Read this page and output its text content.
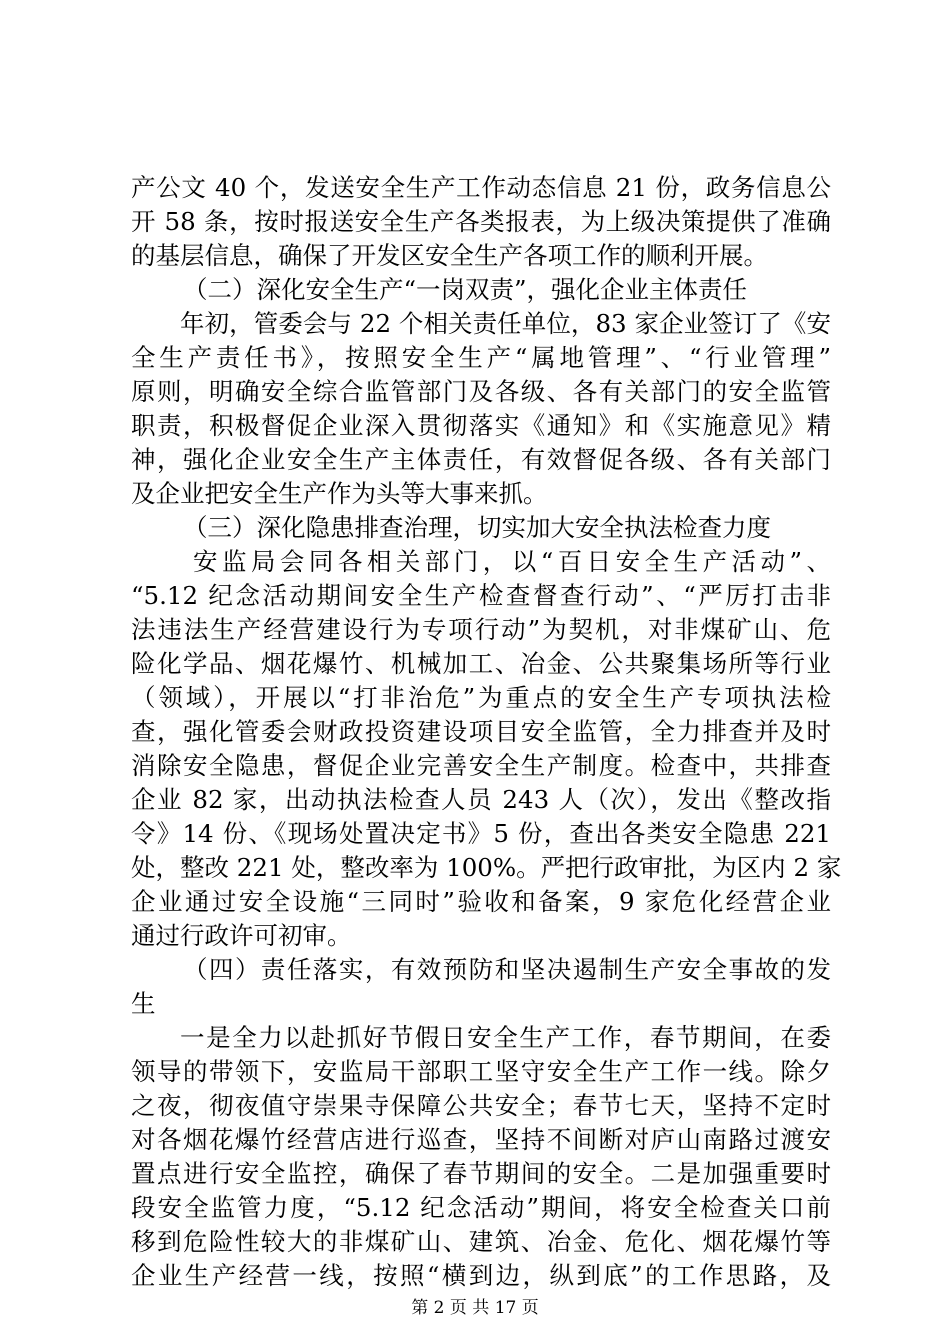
产公文 40 个，发送安全生产工作动态信息 21 份，政务信息公
开 58 条，按时报送安全生产各类报表，为上级决策提供了准确
的基层信息，确保了开发区安全生产各项工作的顺利开展。
（二）深化安全生产“一岗双责”，强化企业主体责任
年初，管委会与 22 个相关责任单位，83 家企业签订了《安
全生产责任书》，按照安全生产“属地管理”、“行业管理”
原则，明确安全综合监管部门及各级、各有关部门的安全监管
职责，积极督促企业深入贯彻落实《通知》和《实施意见》精
神，强化企业安全生产主体责任，有效督促各级、各有关部门
及企业把安全生产作为头等大事来抓。
（三）深化隐患排查治理，切实加大安全执法检查力度
安监局会同各相关部门，以“百日安全生产活动”、
“5.12 纪念活动期间安全生产检查督查行动”、“严厉打击非
法违法生产经营建设行为专项行动”为契机，对非煤矿山、危
险化学品、烟花爆竹、机械加工、冶金、公共聚集场所等行业
（领域），开展以“打非治危”为重点的安全生产专项执法检
查，强化管委会财政投资建设项目安全监管，全力排查并及时
消除安全隐患，督促企业完善安全生产制度。检查中，共排查
企业 82 家，出动执法检查人员 243 人（次），发出《整改指
令》14 份、《现场处置决定书》5 份，查出各类安全隐患 221
处，整改 221 处，整改率为 100%。严把行政审批，为区内 2 家
企业通过安全设施“三同时”验收和备案，9 家危化经营企业
通过行政许可初审。
（四）责任落实，有效预防和坚决遏制生产安全事故的发
生
一是全力以赴抓好节假日安全生产工作，春节期间，在委
领导的带领下，安监局干部职工坚守安全生产工作一线。除夕
之夜，彻夜值守崇果寺保障公共安全；春节七天，坚持不定时
对各烟花爆竹经营店进行巡查，坚持不间断对庐山南路过渡安
置点进行安全监控，确保了春节期间的安全。二是加强重要时
段安全监管力度，“5.12 纪念活动”期间，将安全检查关口前
移到危险性较大的非煤矿山、建筑、冶金、危化、烟花爆竹等
企业生产经营一线，按照“横到边，纵到底”的工作思路，及
第 2 页 共 17 页
